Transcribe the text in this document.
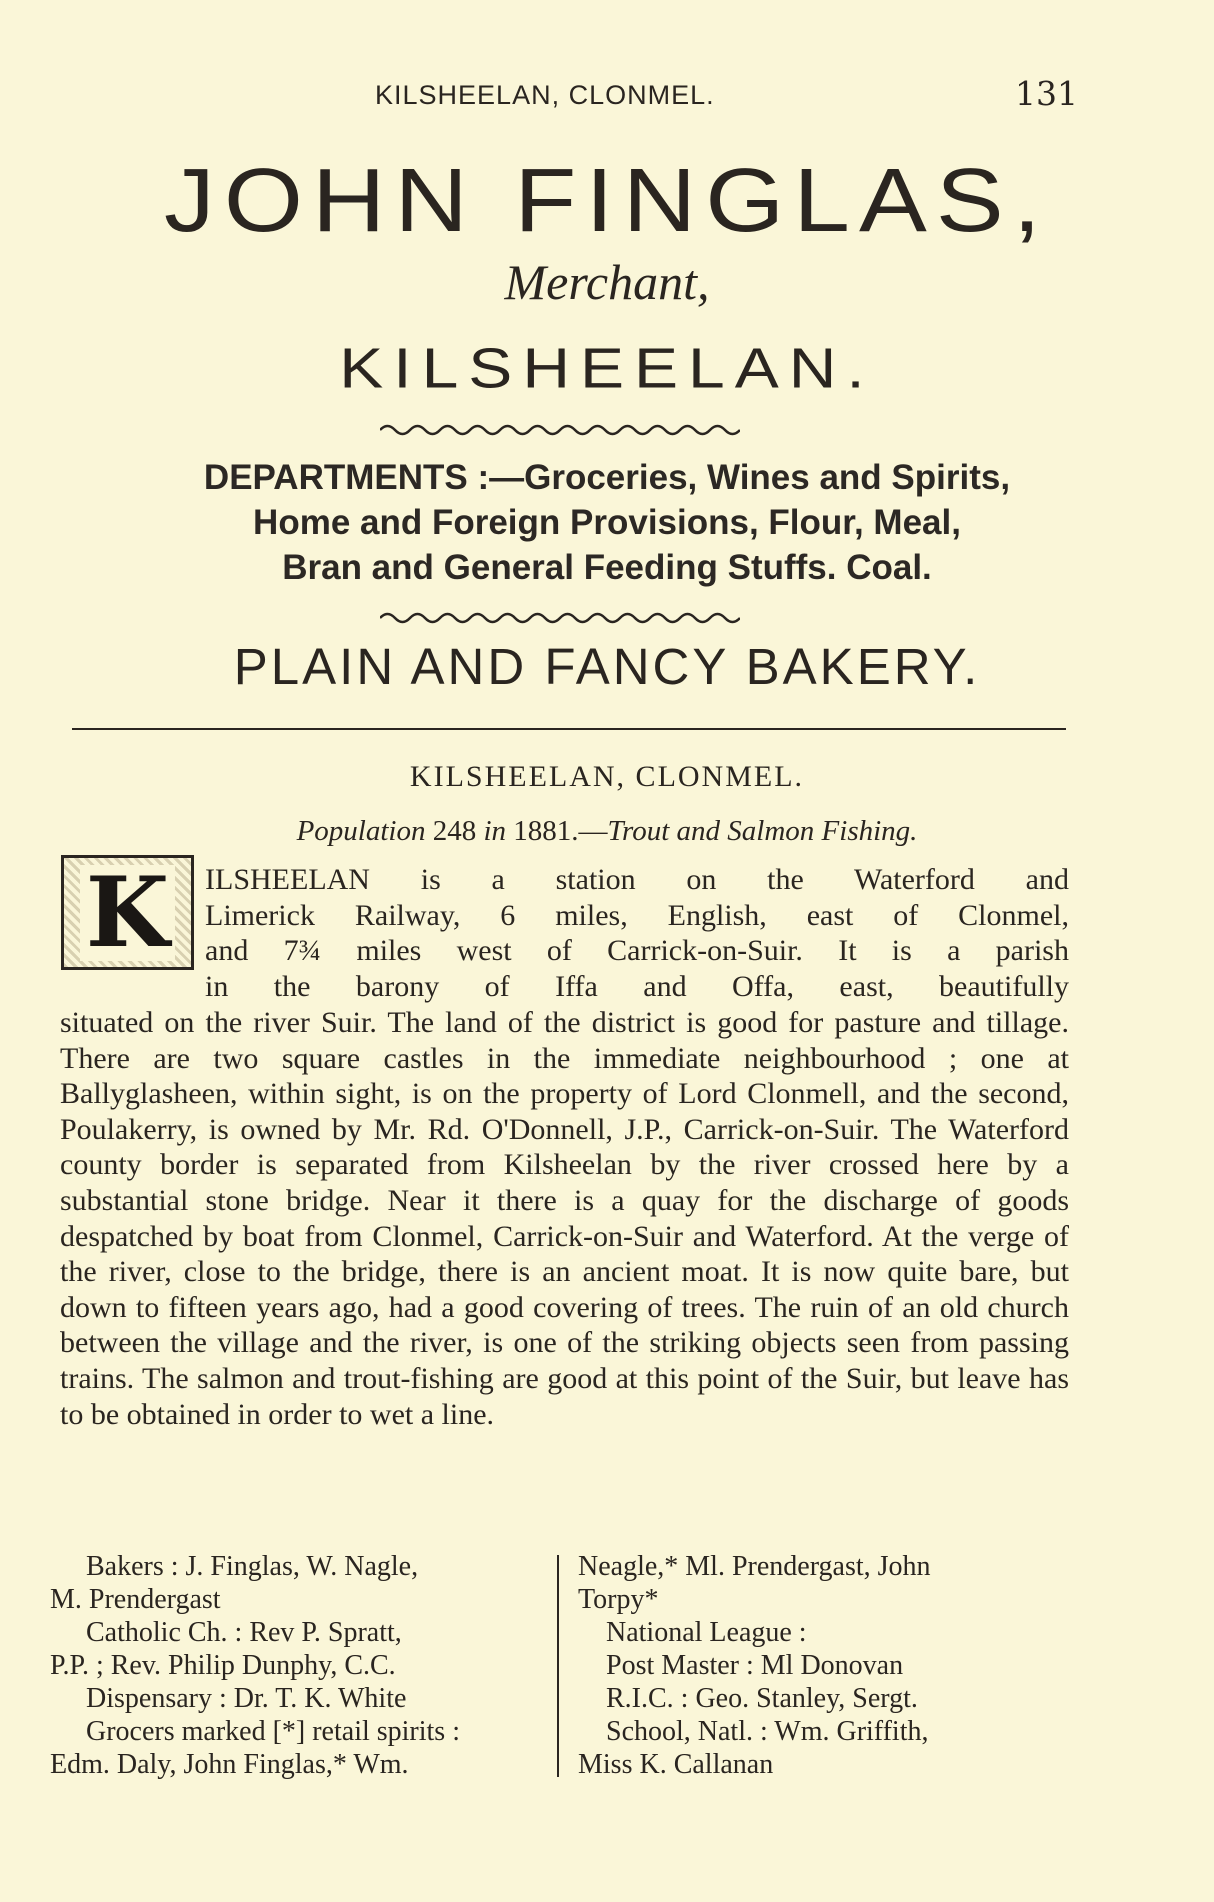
KILSHEELAN, CLONMEL.	131
JOHN FINGLAS,
Merchant,
KILSHEELAN.
DEPARTMENTS :—Groceries, Wines and Spirits,
Home and Foreign Provisions, Flour, Meal,
Bran and General Feeding Stuffs. Coal.
PLAIN AND FANCY BAKERY.
KILSHEELAN, CLONMEL.
Population 248 in 1881.—Trout and Salmon Fishing.
K ILSHEELAN is a station on the Waterford and
Limerick Railway, 6 miles, English, east of Clonmel,
and 7¾ miles west of Carrick-on-Suir. It is a parish
in the barony of Iffa and Offa, east, beautifully
situated on the river Suir. The land of the district is good for pasture and tillage. There are two square castles in the immediate neighbourhood ; one at Ballyglasheen, within sight, is on the property of Lord Clonmell, and the second, Poulakerry, is owned by Mr. Rd. O'Donnell, J.P., Carrick-on-Suir. The Waterford county border is separated from Kilsheelan by the river crossed here by a substantial stone bridge. Near it there is a quay for the discharge of goods despatched by boat from Clonmel, Carrick-on-Suir and Waterford. At the verge of the river, close to the bridge, there is an ancient moat. It is now quite bare, but down to fifteen years ago, had a good covering of trees. The ruin of an old church between the village and the river, is one of the striking objects seen from passing trains. The salmon and trout-fishing are good at this point of the Suir, but leave has to be obtained in order to wet a line.
Bakers : J. Finglas, W. Nagle,
M. Prendergast
Catholic Ch. : Rev P. Spratt,
P.P. ; Rev. Philip Dunphy, C.C.
Dispensary : Dr. T. K. White
Grocers marked [*] retail spirits :
Edm. Daly, John Finglas,* Wm.
Neagle,* Ml. Prendergast, John
Torpy*
National League :
Post Master : Ml Donovan
R.I.C. : Geo. Stanley, Sergt.
School, Natl. : Wm. Griffith,
Miss K. Callanan
